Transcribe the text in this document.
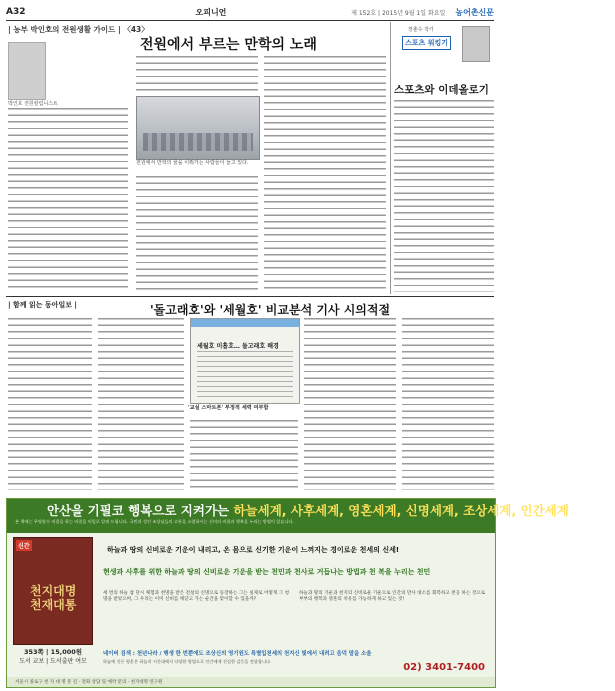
A32	오피니언	제 152호 | 2015년 9월 1일 화요일 농어촌신문
| 농부 박인호의 전원생활 가이드 | 〈43〉
전원에서 부르는 만학의 노래
박인호 전원칼럼니스트
전원에서 만학의 꿈을 이뤄가는 사람들이 늘고 있다.
장춘수 작가
스포츠 워킹기
스포츠와 이데올로기
| 함께 읽는 동아일보 |	'돌고래호'와 '세월호' 비교분석 기사 시의적절
세월호 미흡호… 돌고래호 해경
'교실 스마트폰' 부정적 세력 여부함
안산을 기필코 행복으로 지켜가는 하늘세계, 사후세계, 영혼세계, 신명세계, 조상세계, 인간세계의 진실!
본 책에는 무병장수 비결을 하는 비결을 비밀로 알려 드립니다. 국민과 성인 조상님들의 고통을 소멸하시는 신비의 비결과 행복을 누리는 방법이 있습니다.
신간
천지대명 천재대통
353쪽 | 15,000원
도서 교보 | 도서출판 여모
하늘과 땅의 신비로운 기운이 내리고, 온 몸으로 신기한 기운이 느껴지는 경이로운 천세의 신세!
현생과 사후를 위한 하늘과 땅의 신비로운 기운을 받는 천민과 천사로 거듭나는 방법과 천 복을 누리는 천민
세 번의 하늘 참 단시 체험과 천명을 받은 전설의 신명으로 등장하는 그는 실제로 어떻게 그 청명을 받았으며, 그 우리는 이미 신비를 깨닫고 가는 순간을 맞이할 수 있을까?
하늘과 땅의 기운과 천지의 신비로운 기운으로 인간의 만사 대소를 회복하고 천공 하는 것으로 부부의 행복과 영혼의 치유를 가능하게 하고 있는 것!
네이버 검색 : 천년나라 / 행생 한 번뿐에도 조상신의 영기원도 특별입천세의 천지신 빛에서 내려고 음덕 말을 소울
하늘에 깃든 영혼은 하늘의 시간대에서 다양한 방법으로 인간에게 진실한 감응을 전달합니다.
서울시 종로구 천 지 대 명 문 길 · 전화 상담 및 예약 문의 · 천지대명 연구원
02) 3401-7400
